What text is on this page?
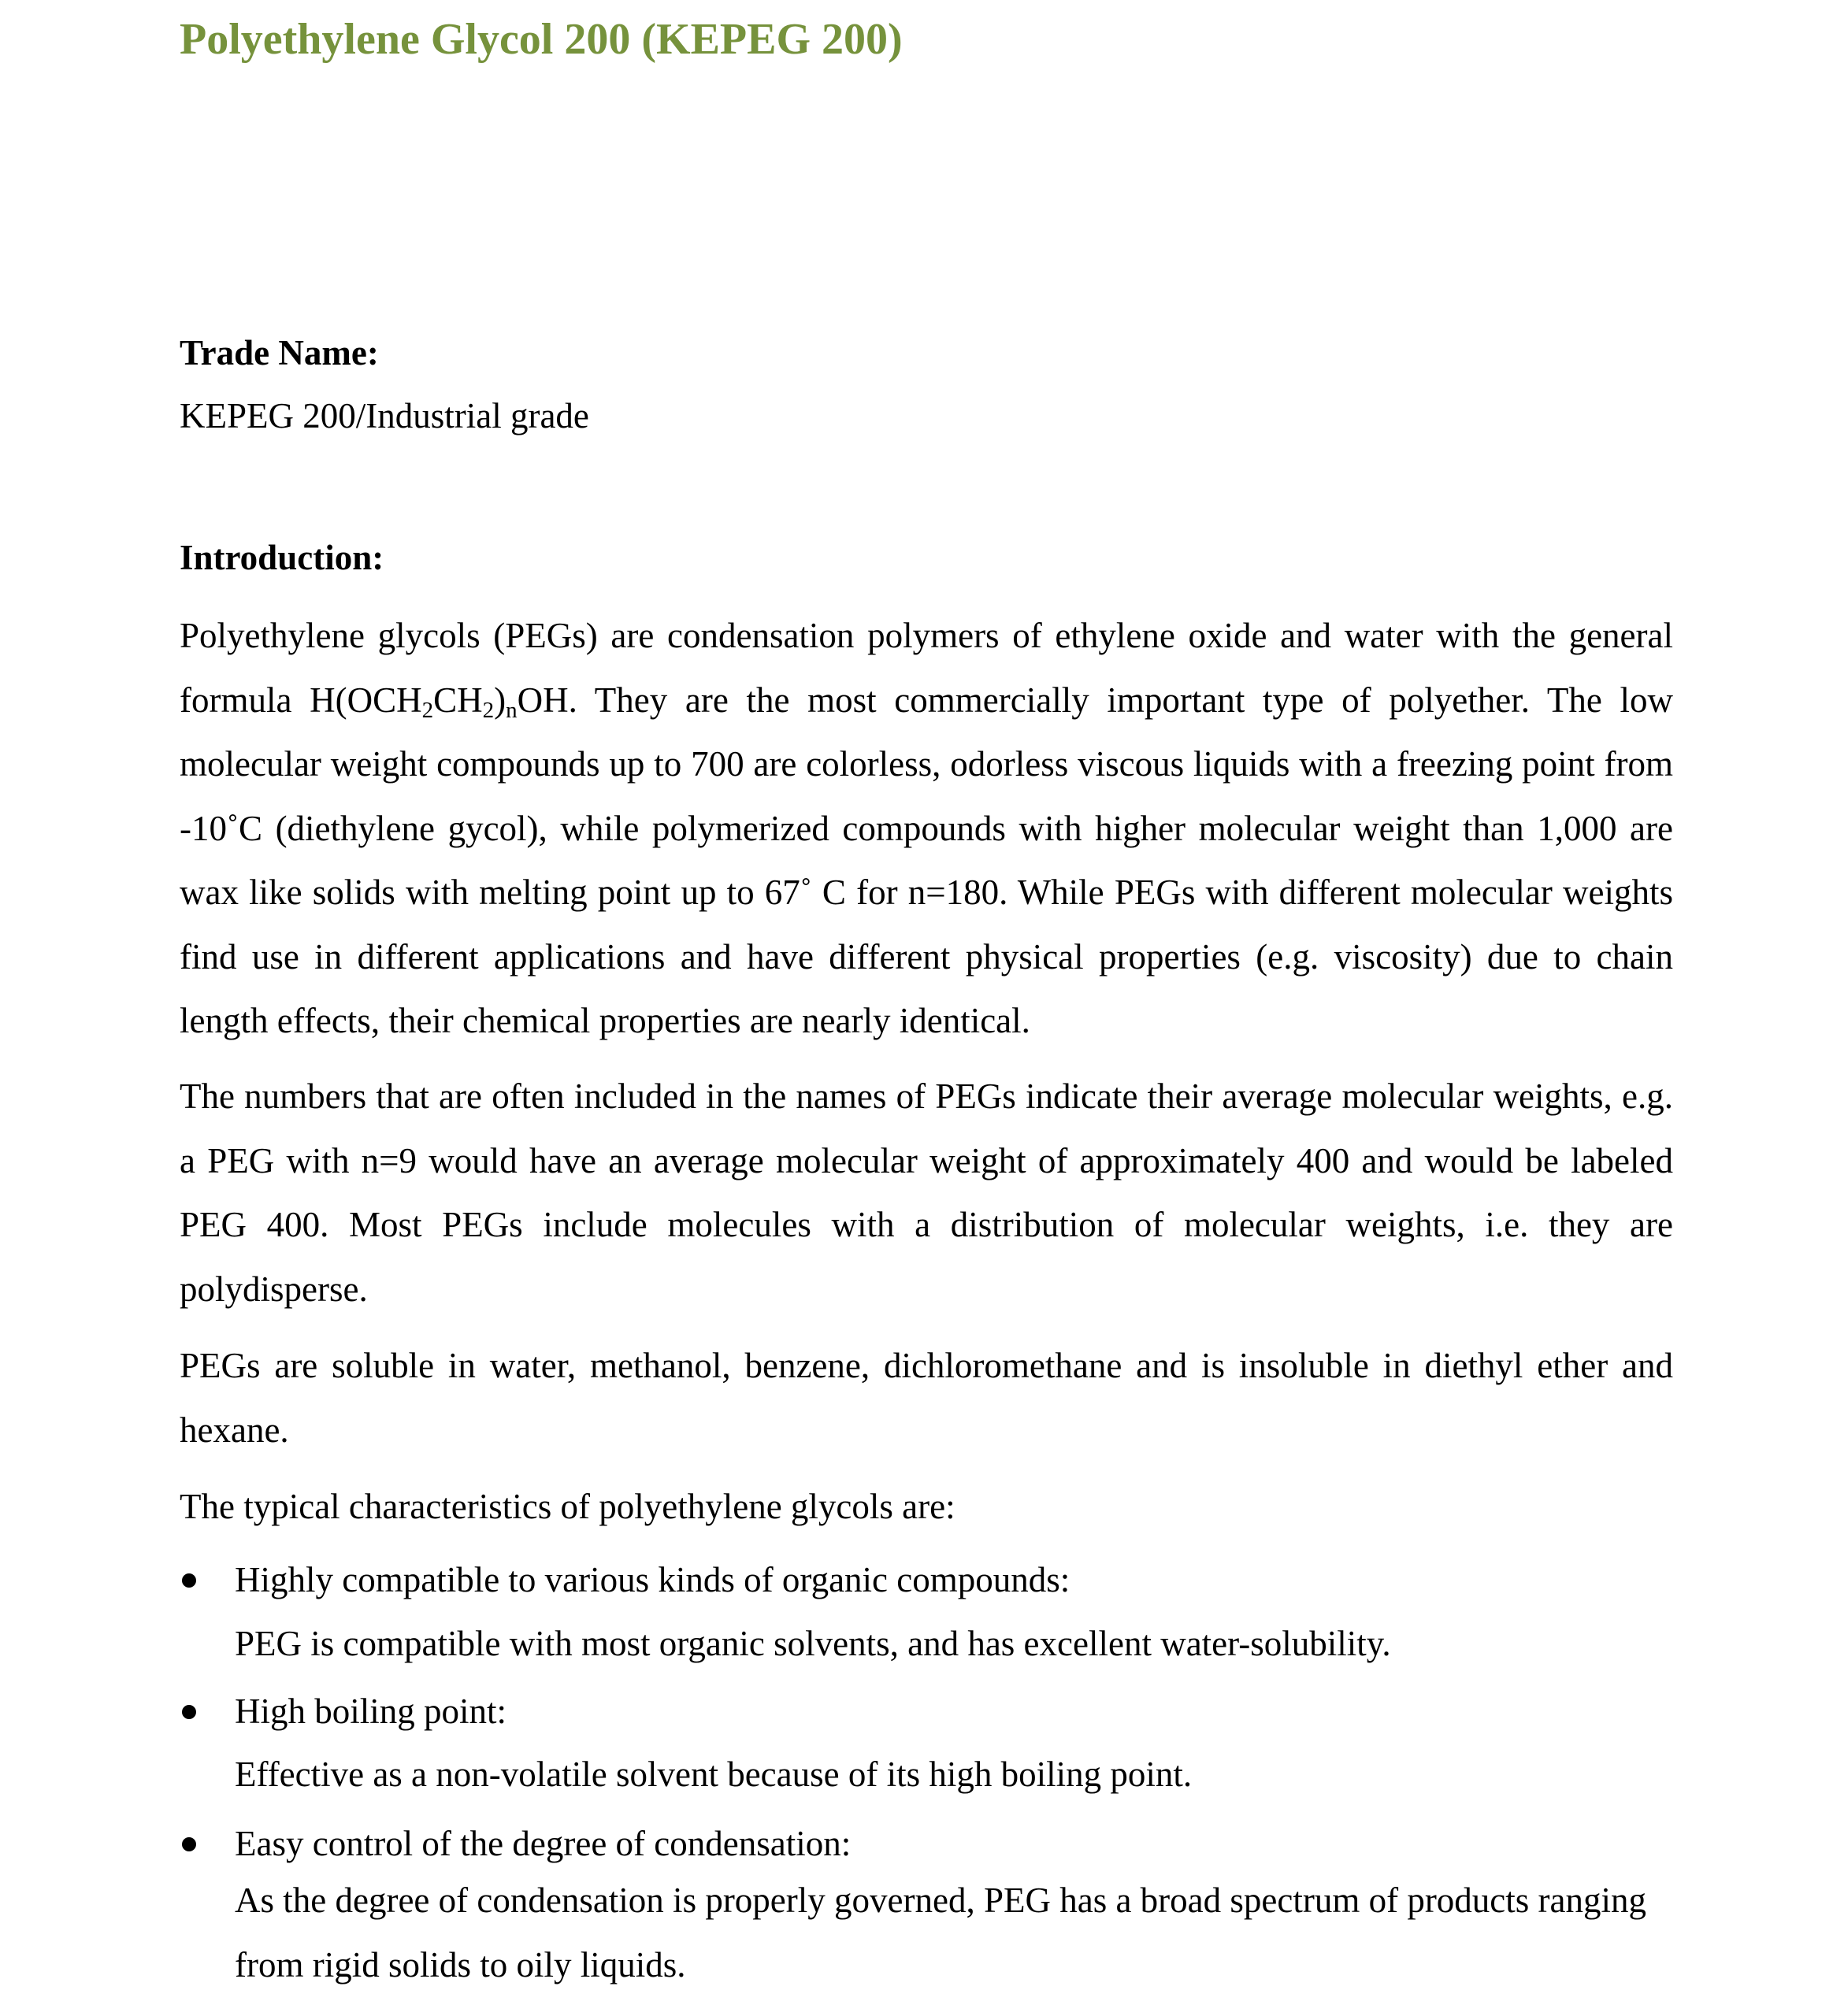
Polyethylene Glycol 200 (KEPEG 200)
Trade Name:

KEPEG 200/Industrial grade

Introduction:

Polyethylene glycols (PEGs) are condensation polymers of ethylene oxide and water with the general formula $H(OCH_2CH_2)_nOH$. They are the most commercially important type of polyether. The low molecular weight compounds up to 700 are colorless, odorless viscous liquids with a freezing point from -10˚C (diethylene gycol), while polymerized compounds with higher molecular weight than 1,000 are wax like solids with melting point up to 67˚ C for n=180. While PEGs with different molecular weights find use in different applications and have different physical properties (e.g. viscosity) due to chain length effects, their chemical properties are nearly identical.

The numbers that are often included in the names of PEGs indicate their average molecular weights, e.g. a PEG with n=9 would have an average molecular weight of approximately 400 and would be labeled PEG 400. Most PEGs include molecules with a distribution of molecular weights, i.e. they are polydisperse.

PEGs are soluble in water, methanol, benzene, dichloromethane and is insoluble in diethyl ether and hexane.

The typical characteristics of polyethylene glycols are:

Highly compatible to various kinds of organic compounds:

PEG is compatible with most organic solvents, and has excellent water-solubility.

High boiling point:

Effective as a non-volatile solvent because of its high boiling point.

Easy control of the degree of condensation:

As the degree of condensation is properly governed, PEG has a broad spectrum of products ranging from rigid solids to oily liquids.
